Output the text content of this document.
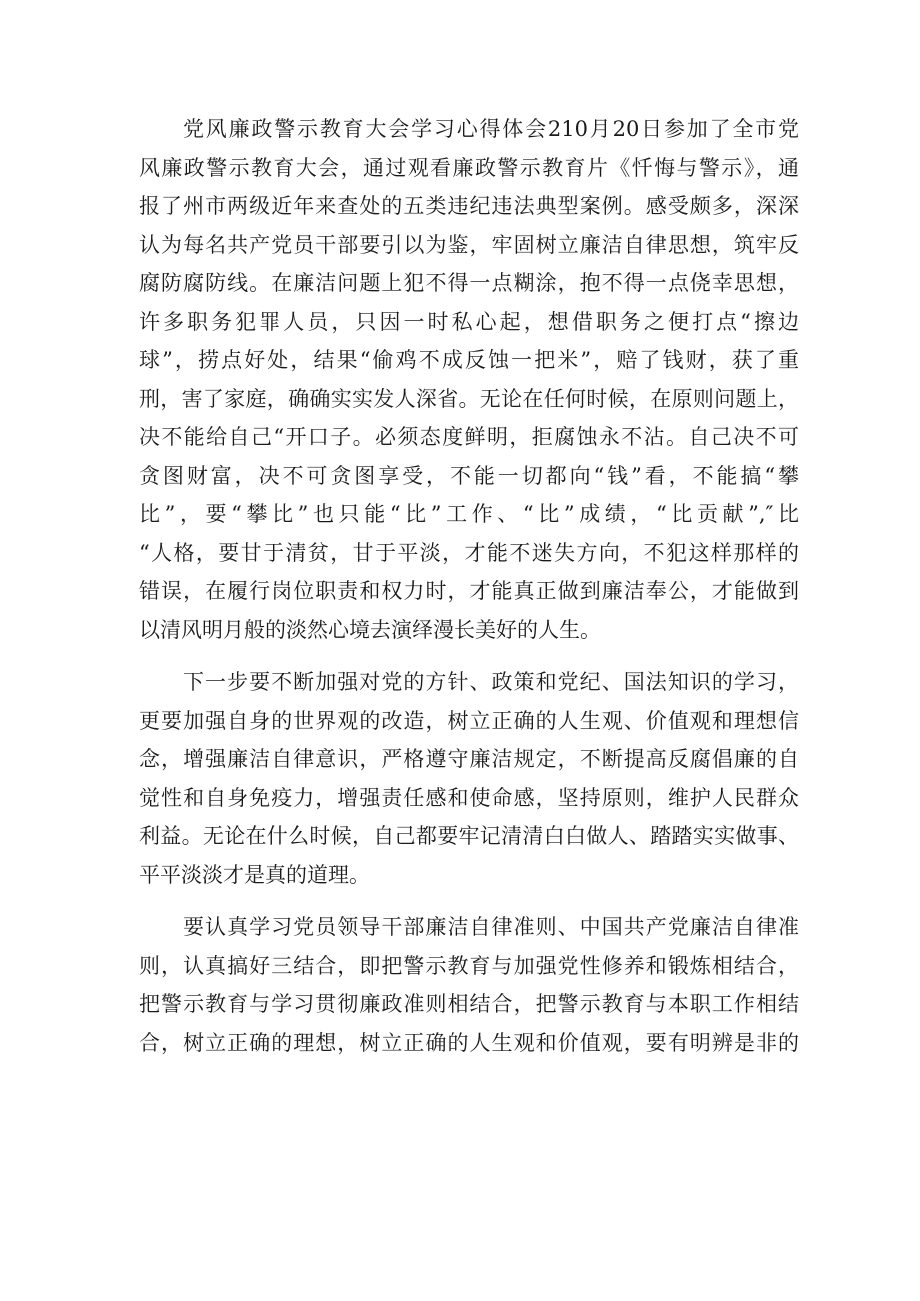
党风廉政警示教育大会学习心得体会210月20日参加了全市党
风廉政警示教育大会，通过观看廉政警示教育片《忏悔与警示》，通
报了州市两级近年来查处的五类违纪违法典型案例。感受颇多，深深
认为每名共产党员干部要引以为鉴，牢固树立廉洁自律思想，筑牢反
腐防腐防线。在廉洁问题上犯不得一点糊涂，抱不得一点侥幸思想，
许多职务犯罪人员，只因一时私心起，想借职务之便打点“擦边
球”，捞点好处，结果“偷鸡不成反蚀一把米”，赔了钱财，获了重
刑，害了家庭，确确实实发人深省。无论在任何时候，在原则问题上，
决不能给自己“开口子。必须态度鲜明，拒腐蚀永不沾。自己决不可
贪图财富，决不可贪图享受，不能一切都向“钱”看，不能搞“攀
比”，要“攀比”也只能“比”工作、“比”成绩，“比贡献”,″比
“人格，要甘于清贫，甘于平淡，才能不迷失方向，不犯这样那样的
错误，在履行岗位职责和权力时，才能真正做到廉洁奉公，才能做到
以清风明月般的淡然心境去演绎漫长美好的人生。
下一步要不断加强对党的方针、政策和党纪、国法知识的学习，
更要加强自身的世界观的改造，树立正确的人生观、价值观和理想信
念，增强廉洁自律意识，严格遵守廉洁规定，不断提高反腐倡廉的自
觉性和自身免疫力，增强责任感和使命感，坚持原则，维护人民群众
利益。无论在什么时候，自己都要牢记清清白白做人、踏踏实实做事、
平平淡淡才是真的道理。
要认真学习党员领导干部廉洁自律准则、中国共产党廉洁自律准
则，认真搞好三结合，即把警示教育与加强党性修养和锻炼相结合，
把警示教育与学习贯彻廉政准则相结合，把警示教育与本职工作相结
合，树立正确的理想，树立正确的人生观和价值观，要有明辨是非的
